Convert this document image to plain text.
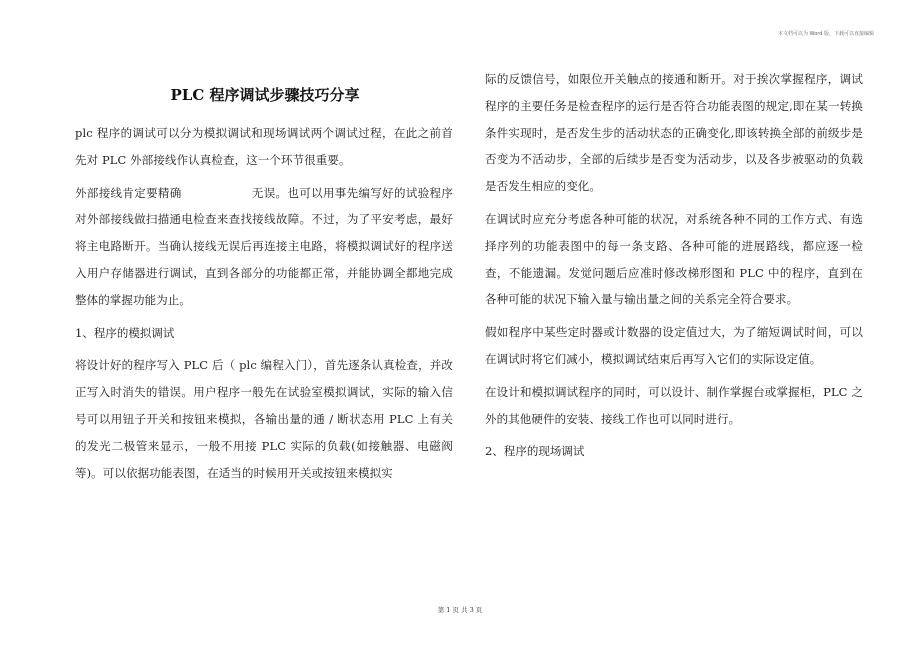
本文档可以为 Word 版，下载可以直接编辑
PLC 程序调试步骤技巧分享

plc 程序的调试可以分为模拟调试和现场调试两个调试过程，在此之前首先对 PLC 外部接线作认真检查，这一个环节很重要。

外部接线肯定要精确	无误。也可以用事先编写好的试验程序对外部接线做扫描通电检查来查找接线故障。不过，为了平安考虑，最好将主电路断开。当确认接线无误后再连接主电路，将模拟调试好的程序送入用户存储器进行调试，直到各部分的功能都正常，并能协调全都地完成整体的掌握功能为止。

1、程序的模拟调试

将设计好的程序写入 PLC 后（ plc 编程入门），首先逐条认真检查，并改正写入时消失的错误。用户程序一般先在试验室模拟调试，实际的输入信号可以用钮子开关和按钮来模拟，各输出量的通 / 断状态用 PLC 上有关的发光二极管来显示，一般不用接 PLC 实际的负载(如接触器、电磁阀等)。可以依据功能表图，在适当的时候用开关或按钮来模拟实

际的反馈信号，如限位开关触点的接通和断开。对于挨次掌握程序，调试程序的主要任务是检查程序的运行是否符合功能表图的规定,即在某一转换条件实现时，是否发生步的活动状态的正确变化,即该转换全部的前级步是否变为不活动步，全部的后续步是否变为活动步，以及各步被驱动的负载是否发生相应的变化。

在调试时应充分考虑各种可能的状况，对系统各种不同的工作方式、有选择序列的功能表图中的每一条支路、各种可能的进展路线，都应逐一检查，不能遗漏。发觉问题后应准时修改梯形图和 PLC 中的程序，直到在各种可能的状况下输入量与输出量之间的关系完全符合要求。

假如程序中某些定时器或计数器的设定值过大，为了缩短调试时间，可以在调试时将它们减小，模拟调试结束后再写入它们的实际设定值。

在设计和模拟调试程序的同时，可以设计、制作掌握台或掌握柜，PLC 之外的其他硬件的安装、接线工作也可以同时进行。

2、程序的现场调试

第 1 页 共 3 页
